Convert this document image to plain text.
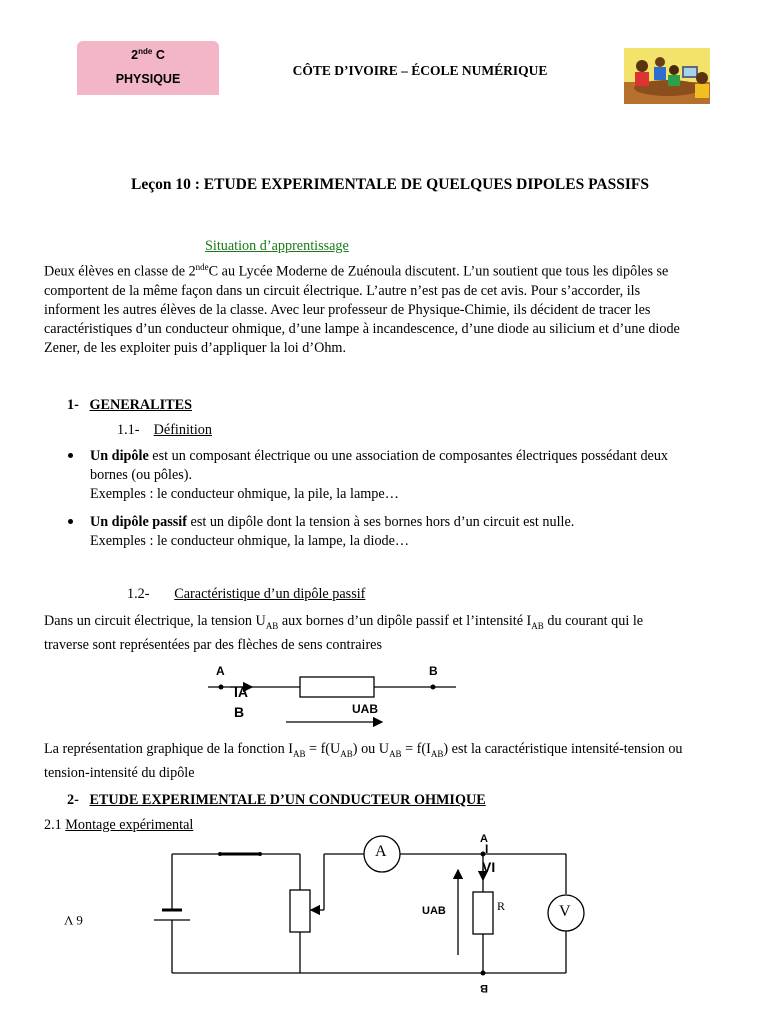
2nde C
PHYSIQUE
CÔTE D’IVOIRE – ÉCOLE NUMÉRIQUE
Leçon 10 : ETUDE EXPERIMENTALE DE QUELQUES DIPOLES PASSIFS
Situation d’apprentissage
Deux élèves en classe de 2ndeC au Lycée Moderne de Zuénoula discutent. L’un soutient que tous les dipôles se
comportent de la même façon dans un circuit électrique. L’autre n’est pas de cet avis. Pour s’accorder, ils
informent les autres élèves de la classe. Avec leur professeur de Physique-Chimie, ils décident de tracer les
caractéristiques d’un conducteur ohmique, d’une lampe à incandescence, d’une diode au silicium et d’une diode
Zener, de les exploiter puis d’appliquer la loi d’Ohm.
1- GENERALITES
1.1- Définition
Un dipôle est un composant électrique ou une association de composantes électriques possédant deux
bornes (ou pôles).
Exemples : le conducteur ohmique, la pile, la lampe…
Un dipôle passif est un dipôle dont la tension à ses bornes hors d’un circuit est nulle.
Exemples : le conducteur ohmique, la lampe, la diode…
1.2- Caractéristique d’un dipôle passif
Dans un circuit électrique, la tension $U_{AB}$ aux bornes d’un dipôle passif et l’intensité $I_{AB}$ du courant qui le
traverse sont représentées par des flèches de sens contraires
A	B
IA
B	UAB
La représentation graphique de la fonction $I_{AB} = f(U_{AB})$ ou $U_{AB} = f(I_{AB})$ est la caractéristique intensité-tension ou
tension-intensité du dipôle
2- ETUDE EXPERIMENTALE D’UN CONDUCTEUR OHMIQUE
2.1 Montage expérimental
6 V
A
V
R
UAB
A
I
VI
B
